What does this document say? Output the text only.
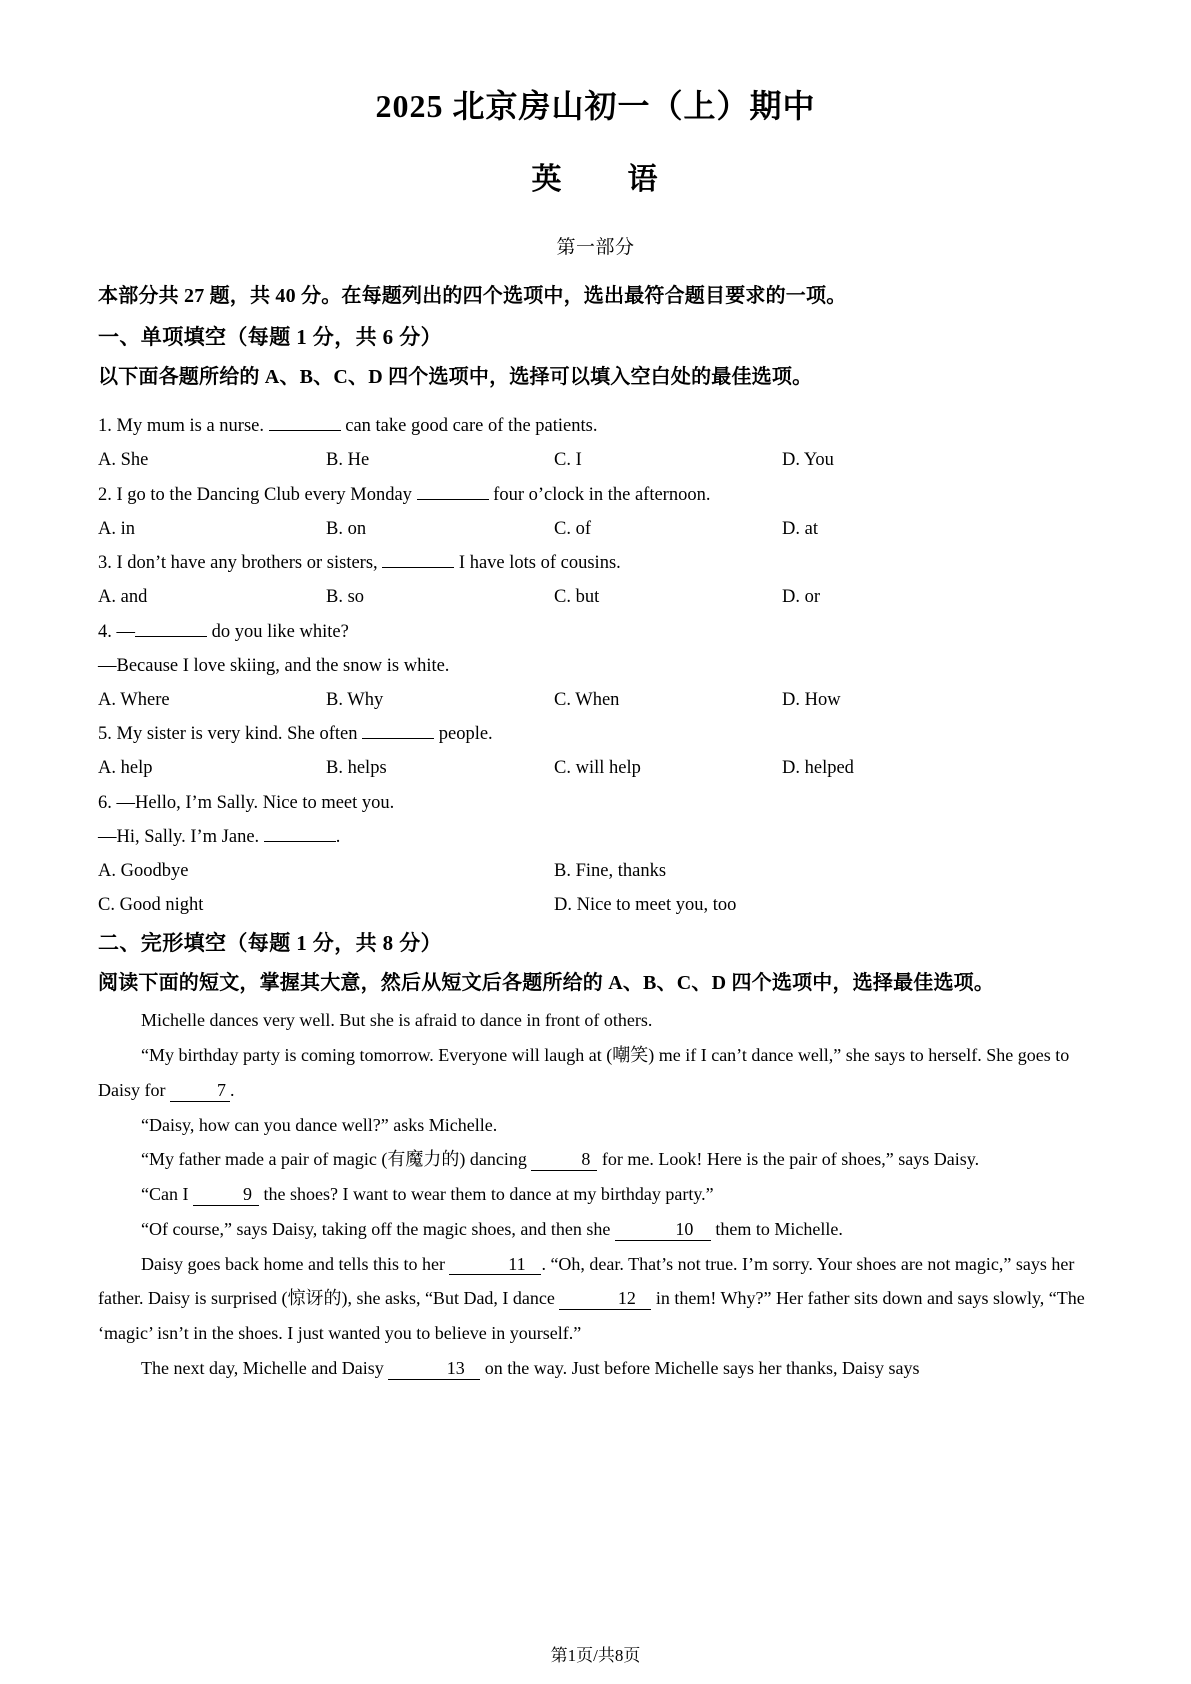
2025 北京房山初一（上）期中
英　　语
第一部分
本部分共 27 题，共 40 分。在每题列出的四个选项中，选出最符合题目要求的一项。
一、单项填空（每题 1 分，共 6 分）
以下面各题所给的 A、B、C、D 四个选项中，选择可以填入空白处的最佳选项。
1. My mum is a nurse.	can take good care of the patients.
A. She	B. He	C. I	D. You
2. I go to the Dancing Club every Monday	four o’clock in the afternoon.
A. in	B. on	C. of	D. at
3. I don’t have any brothers or sisters,	I have lots of cousins.
A. and	B. so	C. but	D. or
4. —	do you like white?
—Because I love skiing, and the snow is white.
A. Where	B. Why	C. When	D. How
5. My sister is very kind. She often	people.
A. help	B. helps	C. will help	D. helped
6. —Hello, I’m Sally. Nice to meet you.
—Hi, Sally. I’m Jane.	.
A. Goodbye	B. Fine, thanks
C. Good night	D. Nice to meet you, too
二、完形填空（每题 1 分，共 8 分）
阅读下面的短文，掌握其大意，然后从短文后各题所给的 A、B、C、D 四个选项中，选择最佳选项。

Michelle dances very well. But she is afraid to dance in front of others.

“My birthday party is coming tomorrow. Everyone will laugh at (嘲笑) me if I can’t dance well,” she says to herself. She goes to Daisy for	7 .

“Daisy, how can you dance well?” asks Michelle.

“My father made a pair of magic (有魔力的) dancing	8 for me. Look! Here is the pair of shoes,” says Daisy.

“Can I	9 the shoes? I want to wear them to dance at my birthday party.”

“Of course,” says Daisy, taking off the magic shoes, and then she	10 them to Michelle.

Daisy goes back home and tells this to her	11 . “Oh, dear. That’s not true. I’m sorry. Your shoes are not magic,” says her father. Daisy is surprised (惊讶的), she asks, “But Dad, I dance	12 in them! Why?” Her father sits down and says slowly, “The ‘magic’ isn’t in the shoes. I just wanted you to believe in yourself.”

The next day, Michelle and Daisy	13 on the way. Just before Michelle says her thanks, Daisy says

第1页/共8页
